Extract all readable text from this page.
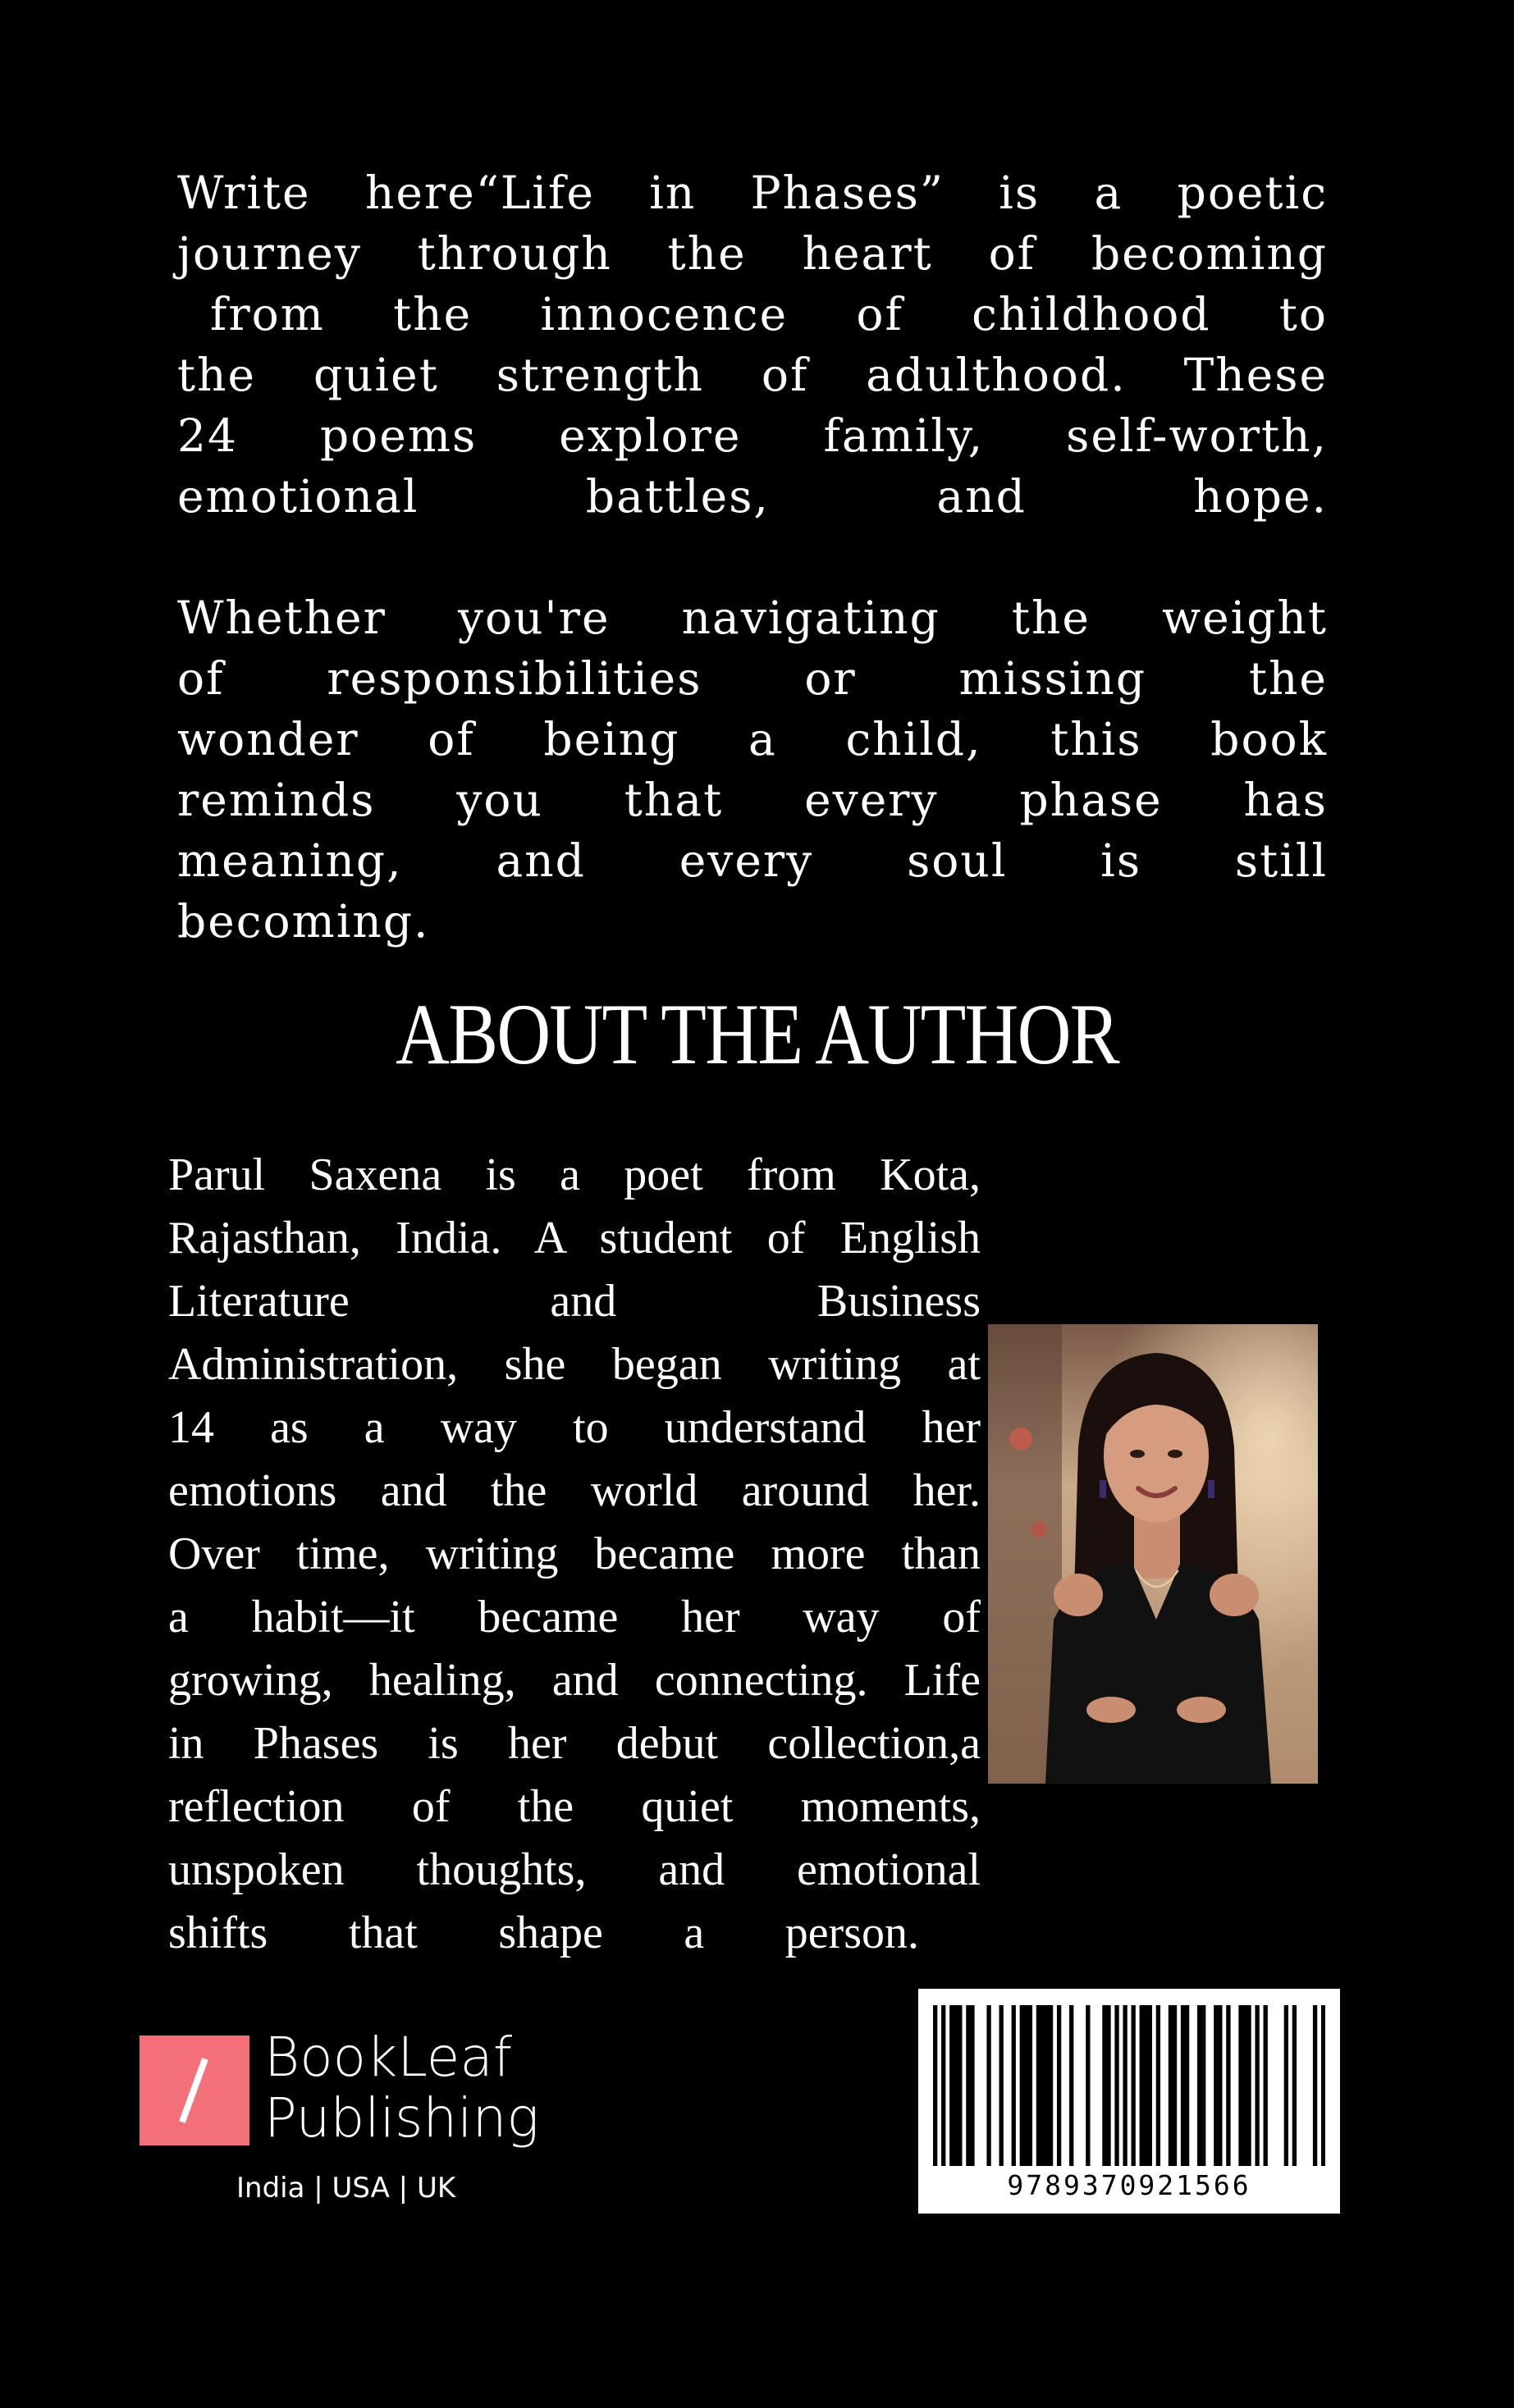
Write here“Life in Phases” is a poetic
journey through the heart of becoming
from the innocence of childhood to
the quiet strength of adulthood. These
24 poems explore family, self-worth,
emotional battles, and hope.
Whether you're navigating the weight
of responsibilities or missing the
wonder of being a child, this book
reminds you that every phase has
meaning, and every soul is still
becoming.
ABOUT THE AUTHOR
Parul Saxena is a poet from Kota,
Rajasthan, India. A student of English
Literature and Business
Administration, she began writing at
14 as a way to understand her
emotions and the world around her.
Over time, writing became more than
a habit—it became her way of
growing, healing, and connecting. Life
in Phases is her debut collection,a
reflection of the quiet moments,
unspoken thoughts, and emotional
shifts that shape a person.
BookLeaf
Publishing
India | USA | UK	9789370921566
